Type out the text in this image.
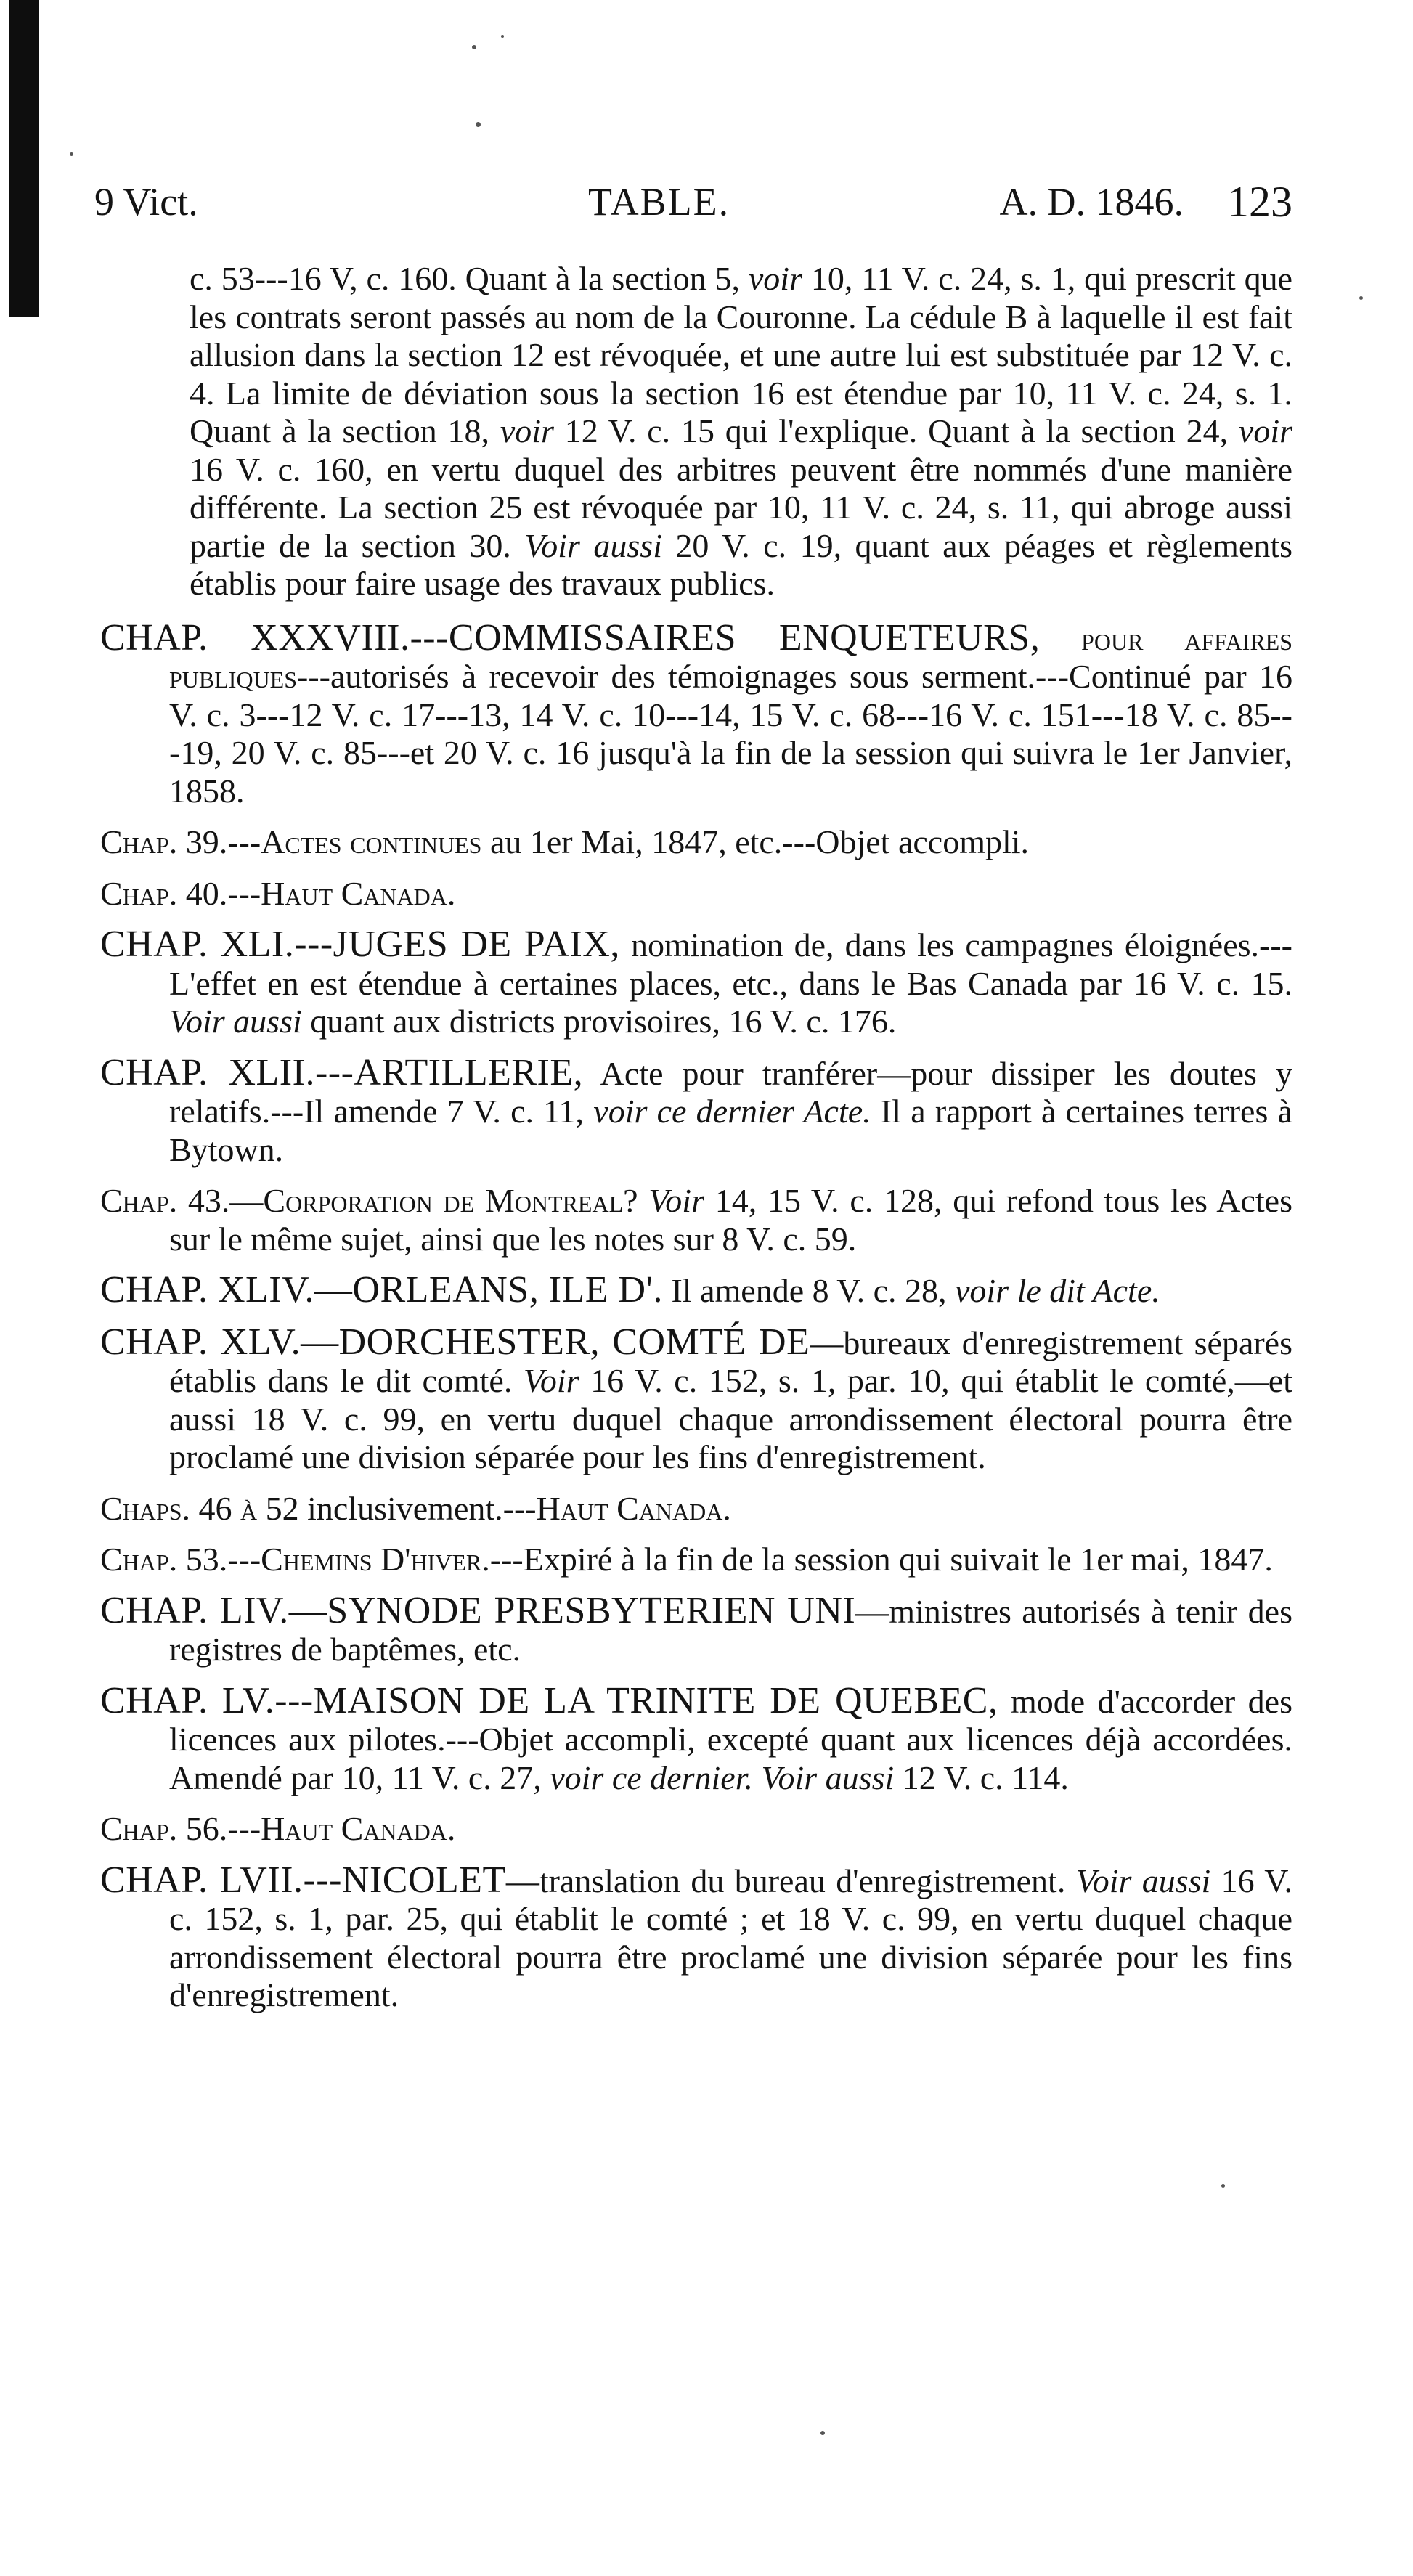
9 Vict.	TABLE.	A. D. 1846. 123

c. 53---16 V, c. 160. Quant à la section 5, voir 10, 11 V. c. 24, s. 1, qui prescrit que les contrats seront passés au nom de la Couronne. La cédule B à laquelle il est fait allusion dans la section 12 est révoquée, et une autre lui est substituée par 12 V. c. 4. La limite de déviation sous la section 16 est étendue par 10, 11 V. c. 24, s. 1. Quant à la section 18, voir 12 V. c. 15 qui l'explique. Quant à la section 24, voir 16 V. c. 160, en vertu duquel des arbitres peuvent être nommés d'une manière différente. La section 25 est révoquée par 10, 11 V. c. 24, s. 11, qui abroge aussi partie de la section 30. Voir aussi 20 V. c. 19, quant aux péages et règlements établis pour faire usage des travaux publics.

CHAP. XXXVIII.---COMMISSAIRES ENQUETEURS, pour affaires publiques---autorisés à recevoir des témoignages sous serment.---Continué par 16 V. c. 3---12 V. c. 17---13, 14 V. c. 10---14, 15 V. c. 68---16 V. c. 151---18 V. c. 85---19, 20 V. c. 85---et 20 V. c. 16 jusqu'à la fin de la session qui suivra le 1er Janvier, 1858.

Chap. 39.---Actes continues au 1er Mai, 1847, etc.---Objet accompli.

Chap. 40.---Haut Canada.

CHAP. XLI.---JUGES DE PAIX, nomination de, dans les campagnes éloignées.---L'effet en est étendue à certaines places, etc., dans le Bas Canada par 16 V. c. 15. Voir aussi quant aux districts provisoires, 16 V. c. 176.

CHAP. XLII.---ARTILLERIE, Acte pour tranférer—pour dissiper les doutes y relatifs.---Il amende 7 V. c. 11, voir ce dernier Acte. Il a rapport à certaines terres à Bytown.

Chap. 43.—Corporation de Montreal? Voir 14, 15 V. c. 128, qui refond tous les Actes sur le même sujet, ainsi que les notes sur 8 V. c. 59.

CHAP. XLIV.—ORLEANS, ILE D'. Il amende 8 V. c. 28, voir le dit Acte.

CHAP. XLV.—DORCHESTER, COMTÉ DE—bureaux d'enregistrement séparés établis dans le dit comté. Voir 16 V. c. 152, s. 1, par. 10, qui établit le comté,—et aussi 18 V. c. 99, en vertu duquel chaque arrondissement électoral pourra être proclamé une division séparée pour les fins d'enregistrement.

Chaps. 46 à 52 inclusivement.---Haut Canada.

Chap. 53.---Chemins D'hiver.---Expiré à la fin de la session qui suivait le 1er mai, 1847.

CHAP. LIV.—SYNODE PRESBYTERIEN UNI—ministres autorisés à tenir des registres de baptêmes, etc.

CHAP. LV.---MAISON DE LA TRINITE DE QUEBEC, mode d'accorder des licences aux pilotes.---Objet accompli, excepté quant aux licences déjà accordées. Amendé par 10, 11 V. c. 27, voir ce dernier. Voir aussi 12 V. c. 114.

Chap. 56.---Haut Canada.

CHAP. LVII.---NICOLET—translation du bureau d'enregistrement. Voir aussi 16 V. c. 152, s. 1, par. 25, qui établit le comté ; et 18 V. c. 99, en vertu duquel chaque arrondissement électoral pourra être proclamé une division séparée pour les fins d'enregistrement.
